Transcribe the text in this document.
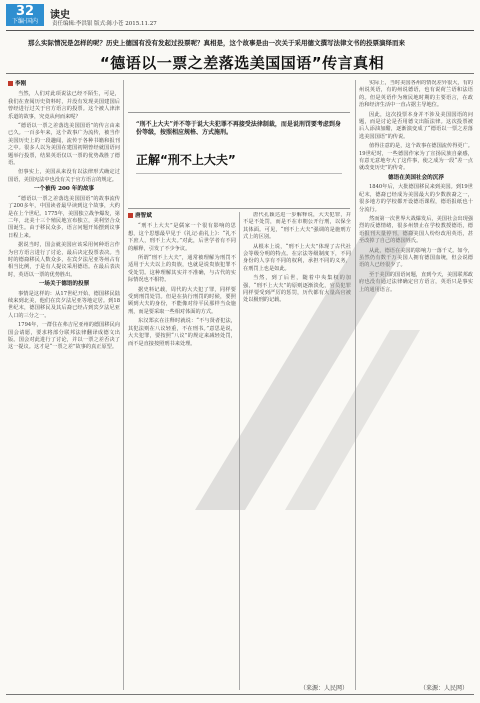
32
下编·国内
读史
责任编辑:李洪银 版式:陈小苍 2015.11.27
那么实际情况是怎样的呢？历史上德国有没有发起过投票呢？真相是，这个故事是由一次关于采用德文撰写法律文书的投票演绎而来
“德语以一票之差落选美国国语”传言真相
李刚

当然，人们对此项说法已经不陌生，可是，我们在查阅历史资料时，并没有发现美国建国后曾经进行过关于官方语言的投票。这个被人津津乐道的故事，究竟从何而来呢？

“德语以一票之差落选美国国语”的传言由来已久。一百多年来，这个故事广为流传，被当作美国历史上的一段趣闻，流传于各种书籍和报刊之中。很多人以为美国在建国初期曾经就国语问题举行投票，结果英语仅以一票的优势战胜了德语。

但事实上，美国从来没有以法律形式确定过国语，美国宪法中也没有关于官方语言的规定。

一个被传 200 年的故事

“德语以一票之差落选美国国语”的故事流传了200多年，中国读者最早读到这个故事，大约是在上个世纪。1775年，美国独立战争爆发，第二年，北美十三个殖民地宣布独立，美利坚合众国诞生。由于移民众多，语言问题开始摆到议事日程上来。

据说当时，国会就美国应该采用何种语言作为官方语言进行了讨论，最后决定投票表决。当时的德裔移民人数众多，在宾夕法尼亚等州占有相当比例，于是有人提议采用德语。在最后表决时，英语以一票的优势胜出。

一场关于德语的投票

事情是这样的：从17世纪开始，德国移民陆续来到北美，他们在宾夕法尼亚等地定居。到18世纪末，德国移民及其后裔已经占到宾夕法尼亚人口的三分之一。

1794年，一群住在弗吉尼亚州的德国移民向国会请愿，要求将部分联邦法律翻译成德文出版。国会对此进行了讨论，并以一票之差否决了这一提议。这才是“一票之差”故事的真正原型。

“刑不上大夫”并不等于说大夫犯罪不再接受法律制裁，而是说刑罚要考虑到身份等级，按照相应规格、方式施刑。
正解“刑不上大夫”
唐智斌

“刑不上大夫”是儒家一个很有影响的思想，这个思想最早见于《礼记·曲礼上》：“礼不下庶人，刑不上大夫。”对此，后世学者有不同的解释，引发了不少争议。

所谓“刑不上大夫”，通常被理解为刑罚不适用于大夫以上的贵族，也就是说贵族犯罪不受处罚。这种理解其实并不准确，与古代的实际情况也不相符。

据史料记载，周代的大夫犯了罪，同样要受到刑罚处罚。但是在执行刑罚的时候，要照顾到大夫的身份，不能像对待平民那样当众施刑，而是要采取一些相对体面的方式。

东汉郑玄在注释时就说：“不与贤者犯法，其犯法则在八议轻重，不在刑书。”意思是说，大夫犯罪，要按照“八议”的规定来减轻处罚，而不是直接按照刑书来处理。

唐代孔颖达进一步解释说，大夫犯罪，并不是不处罚，而是不在市朝公开行刑，以保全其体面。可见，“刑不上大夫”强调的是施刑方式上的区别。

从根本上说，“刑不上大夫”体现了古代社会等级分明的特点。在宗法等级制度下，不同身份的人享有不同的权利，承担不同的义务，在刑罚上也是如此。

当然，到了后世，随着中央集权的加强，“刑不上大夫”的原则逐渐淡化，官员犯罪同样要受到严厉的惩罚，历代都有大量高官被处以极刑的记载。

（来源：人民网）

实际上，当时美国各州的情况差异很大，有的州说英语，有的州说德语，也有说荷兰语和法语的。但是英语作为殖民地时期的主要语言，在政治和经济生活中一直占据主导地位。

因此，这次投票本身并不涉及美国国语的问题，而是讨论是否用德文出版法律。这次投票被后人添油加醋，逐渐演变成了“德语以一票之差落选美国国语”的传说。

值得注意的是，这个故事在德国流传得更广。19世纪时，一些德国作家为了宣扬民族自豪感，有意无意地夸大了这件事，使之成为一段“差一点就改变历史”的传奇。

德语在美国社会的沉浮

1840年后，大批德国移民来到美国。到19世纪末，德裔已经成为美国最大的少数族裔之一，很多地方的学校都开设德语课程，德语报纸也十分流行。

然而第一次世界大战爆发后，美国社会出现强烈的反德情绪，很多州禁止在学校教授德语，德语报刊大量停刊，德裔美国人纷纷改用英语，甚至改掉了自己的德国姓氏。

从此，德语在美国的影响力一落千丈。如今，虽然仍有数千万美国人拥有德国血统，但会说德语的人已经很少了。

至于美国的国语问题，直到今天，美国联邦政府也没有通过法律确定官方语言，英语只是事实上的通用语言。

（来源：人民网）
